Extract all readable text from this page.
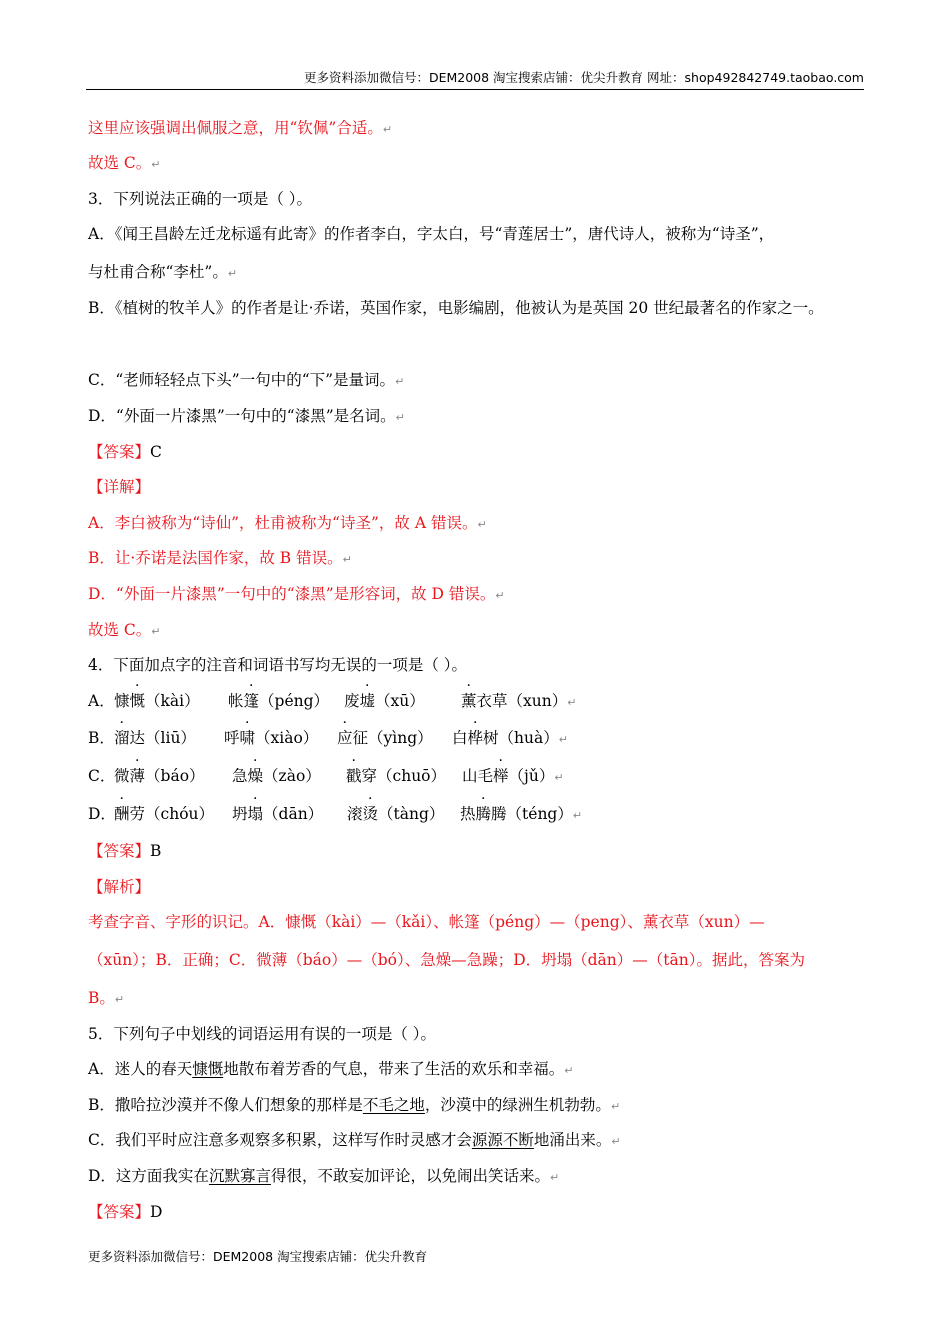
更多资料添加微信号：DEM2008 淘宝搜索店铺：优尖升教育 网址：shop492842749.taobao.com
这里应该强调出佩服之意，用“钦佩”合适。↵
故选 C。↵
3．下列说法正确的一项是（ ）。
A．《闻王昌龄左迁龙标遥有此寄》的作者李白，字太白，号“青莲居士”，唐代诗人，被称为“诗圣”，
与杜甫合称“李杜”。↵
B．《植树的牧羊人》的作者是让·乔诺，英国作家，电影编剧，他被认为是英国 20 世纪最著名的作家之一。
C．“老师轻轻点下头”一句中的“下”是量词。↵
D．“外面一片漆黑”一句中的“漆黑”是名词。↵
【答案】C
【详解】
A．李白被称为“诗仙”，杜甫被称为“诗圣”，故 A 错误。↵
B．让·乔诺是法国作家，故 B 错误。↵
D．“外面一片漆黑”一句中的“漆黑”是形容词，故 D 错误。↵
故选 C。↵
4．下面加点字的注音和词语书写均无误的一项是（ ）。
A． 慷慨（kài） 帐篷（péng） 废墟（xū） 薰衣草（xun）↵
B． 溜达（liū） 呼啸（xiào） 应征（yìng） 白桦树（huà）↵
C．
微薄（báo） 急燥（zào） 戳穿（chuō） 山毛榉（jǔ）↵
D．
酬劳（chóu） 坍塌（dān） 滚烫（tàng） 热腾腾（téng）↵
【答案】B
【解析】
考查字音、字形的识记。A．慷慨（kài）—（kǎi）、帐篷（péng）—（peng）、薰衣草（xun）—
（xūn）；B．正确；C．微薄（báo）—（bó）、急燥—急躁；D．坍塌（dān）—（tān）。据此，答案为
B。↵
5．下列句子中划线的词语运用有误的一项是（ ）。
A．迷人的春天慷慨地散布着芳香的气息，带来了生活的欢乐和幸福。↵
B．撒哈拉沙漠并不像人们想象的那样是不毛之地，沙漠中的绿洲生机勃勃。↵
C．我们平时应注意多观察多积累，这样写作时灵感才会源源不断地涌出来。↵
D．这方面我实在沉默寡言得很，不敢妄加评论，以免闹出笑话来。↵
【答案】D
更多资料添加微信号：DEM2008 淘宝搜索店铺：优尖升教育
